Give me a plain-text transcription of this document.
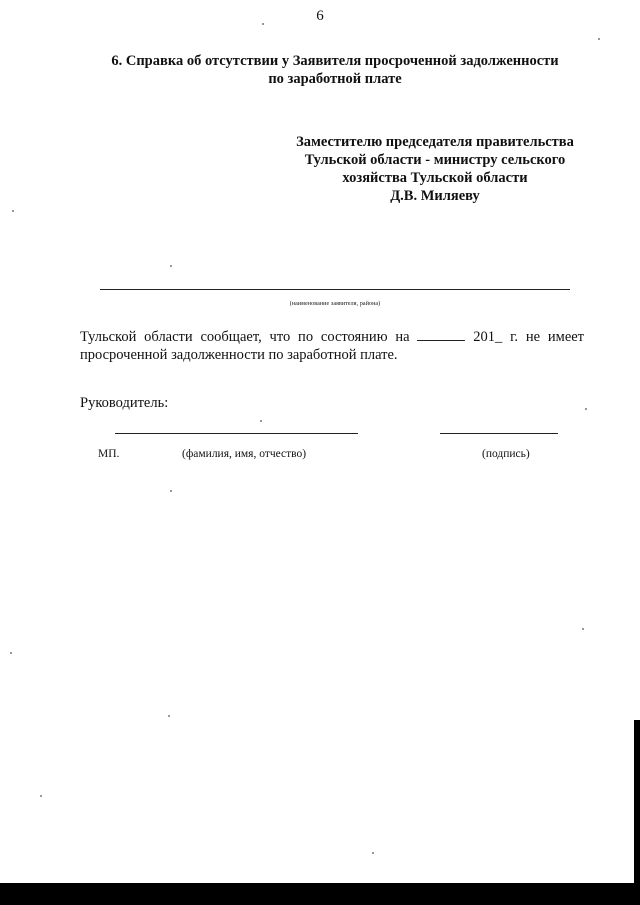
6
6. Справка об отсутствии у Заявителя просроченной задолженности
по заработной плате
Заместителю председателя правительства
Тульской области - министру сельского
хозяйства Тульской области
Д.В. Миляеву
(наименование заявителя, района)
Тульской области сообщает, что по состоянию на	201_ г. не имеет
просроченной задолженности по заработной плате.
Руководитель:
МП.	(фамилия, имя, отчество)	(подпись)
